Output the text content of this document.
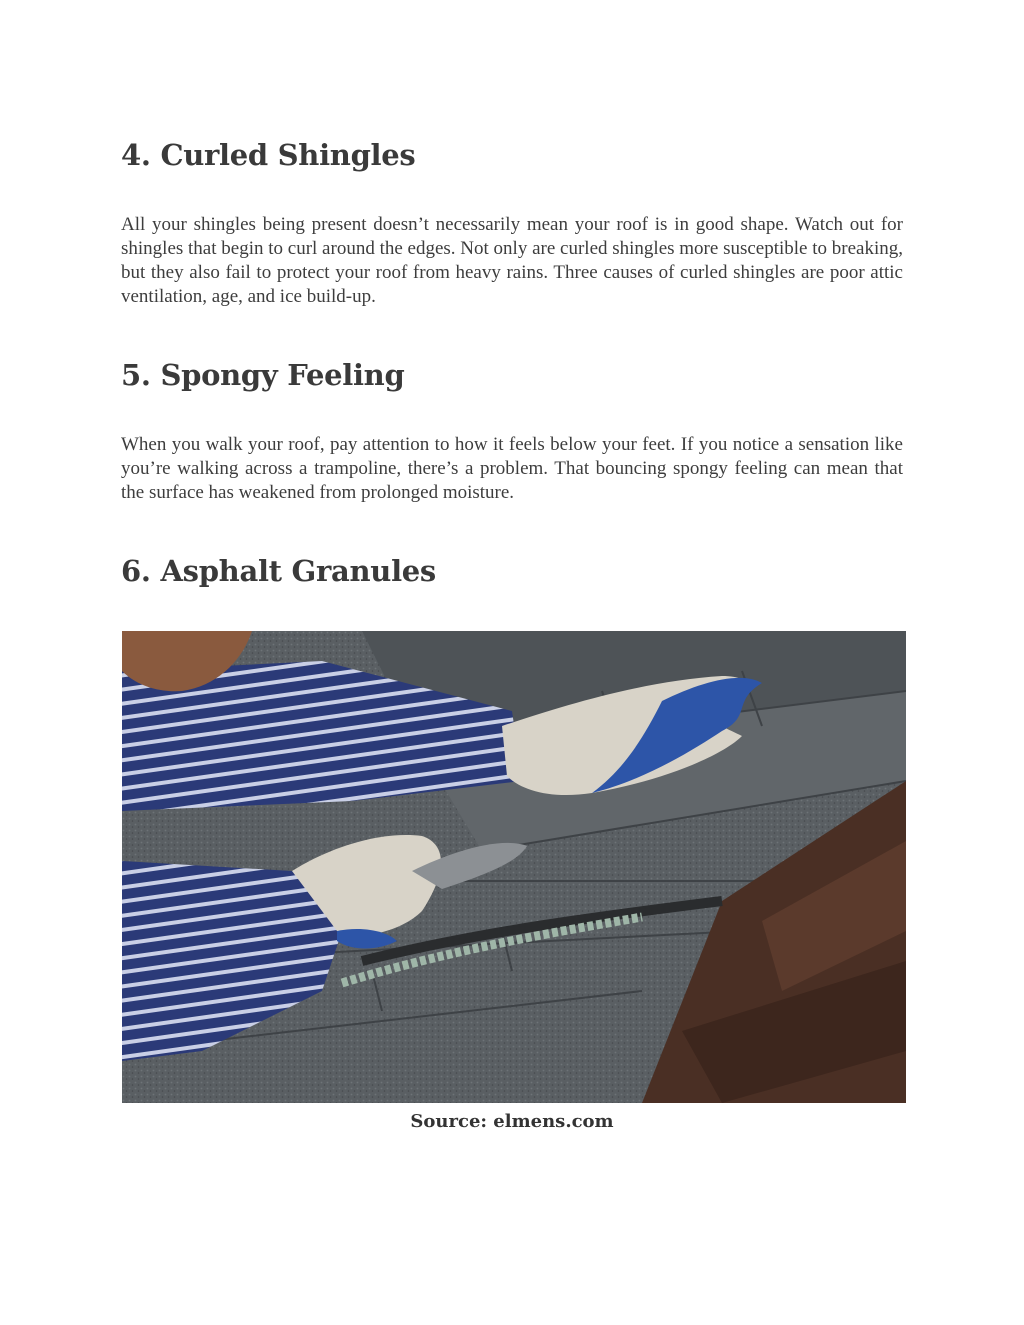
4. Curled Shingles

All your shingles being present doesn’t necessarily mean your roof is in good shape. Watch out for shingles that begin to curl around the edges. Not only are curled shingles more susceptible to breaking, but they also fail to protect your roof from heavy rains. Three causes of curled shingles are poor attic ventilation, age, and ice build-up.

5. Spongy Feeling

When you walk your roof, pay attention to how it feels below your feet. If you notice a sensation like you’re walking across a trampoline, there’s a problem. That bouncing spongy feeling can mean that the surface has weakened from prolonged moisture.

6. Asphalt Granules

Source: elmens.com
